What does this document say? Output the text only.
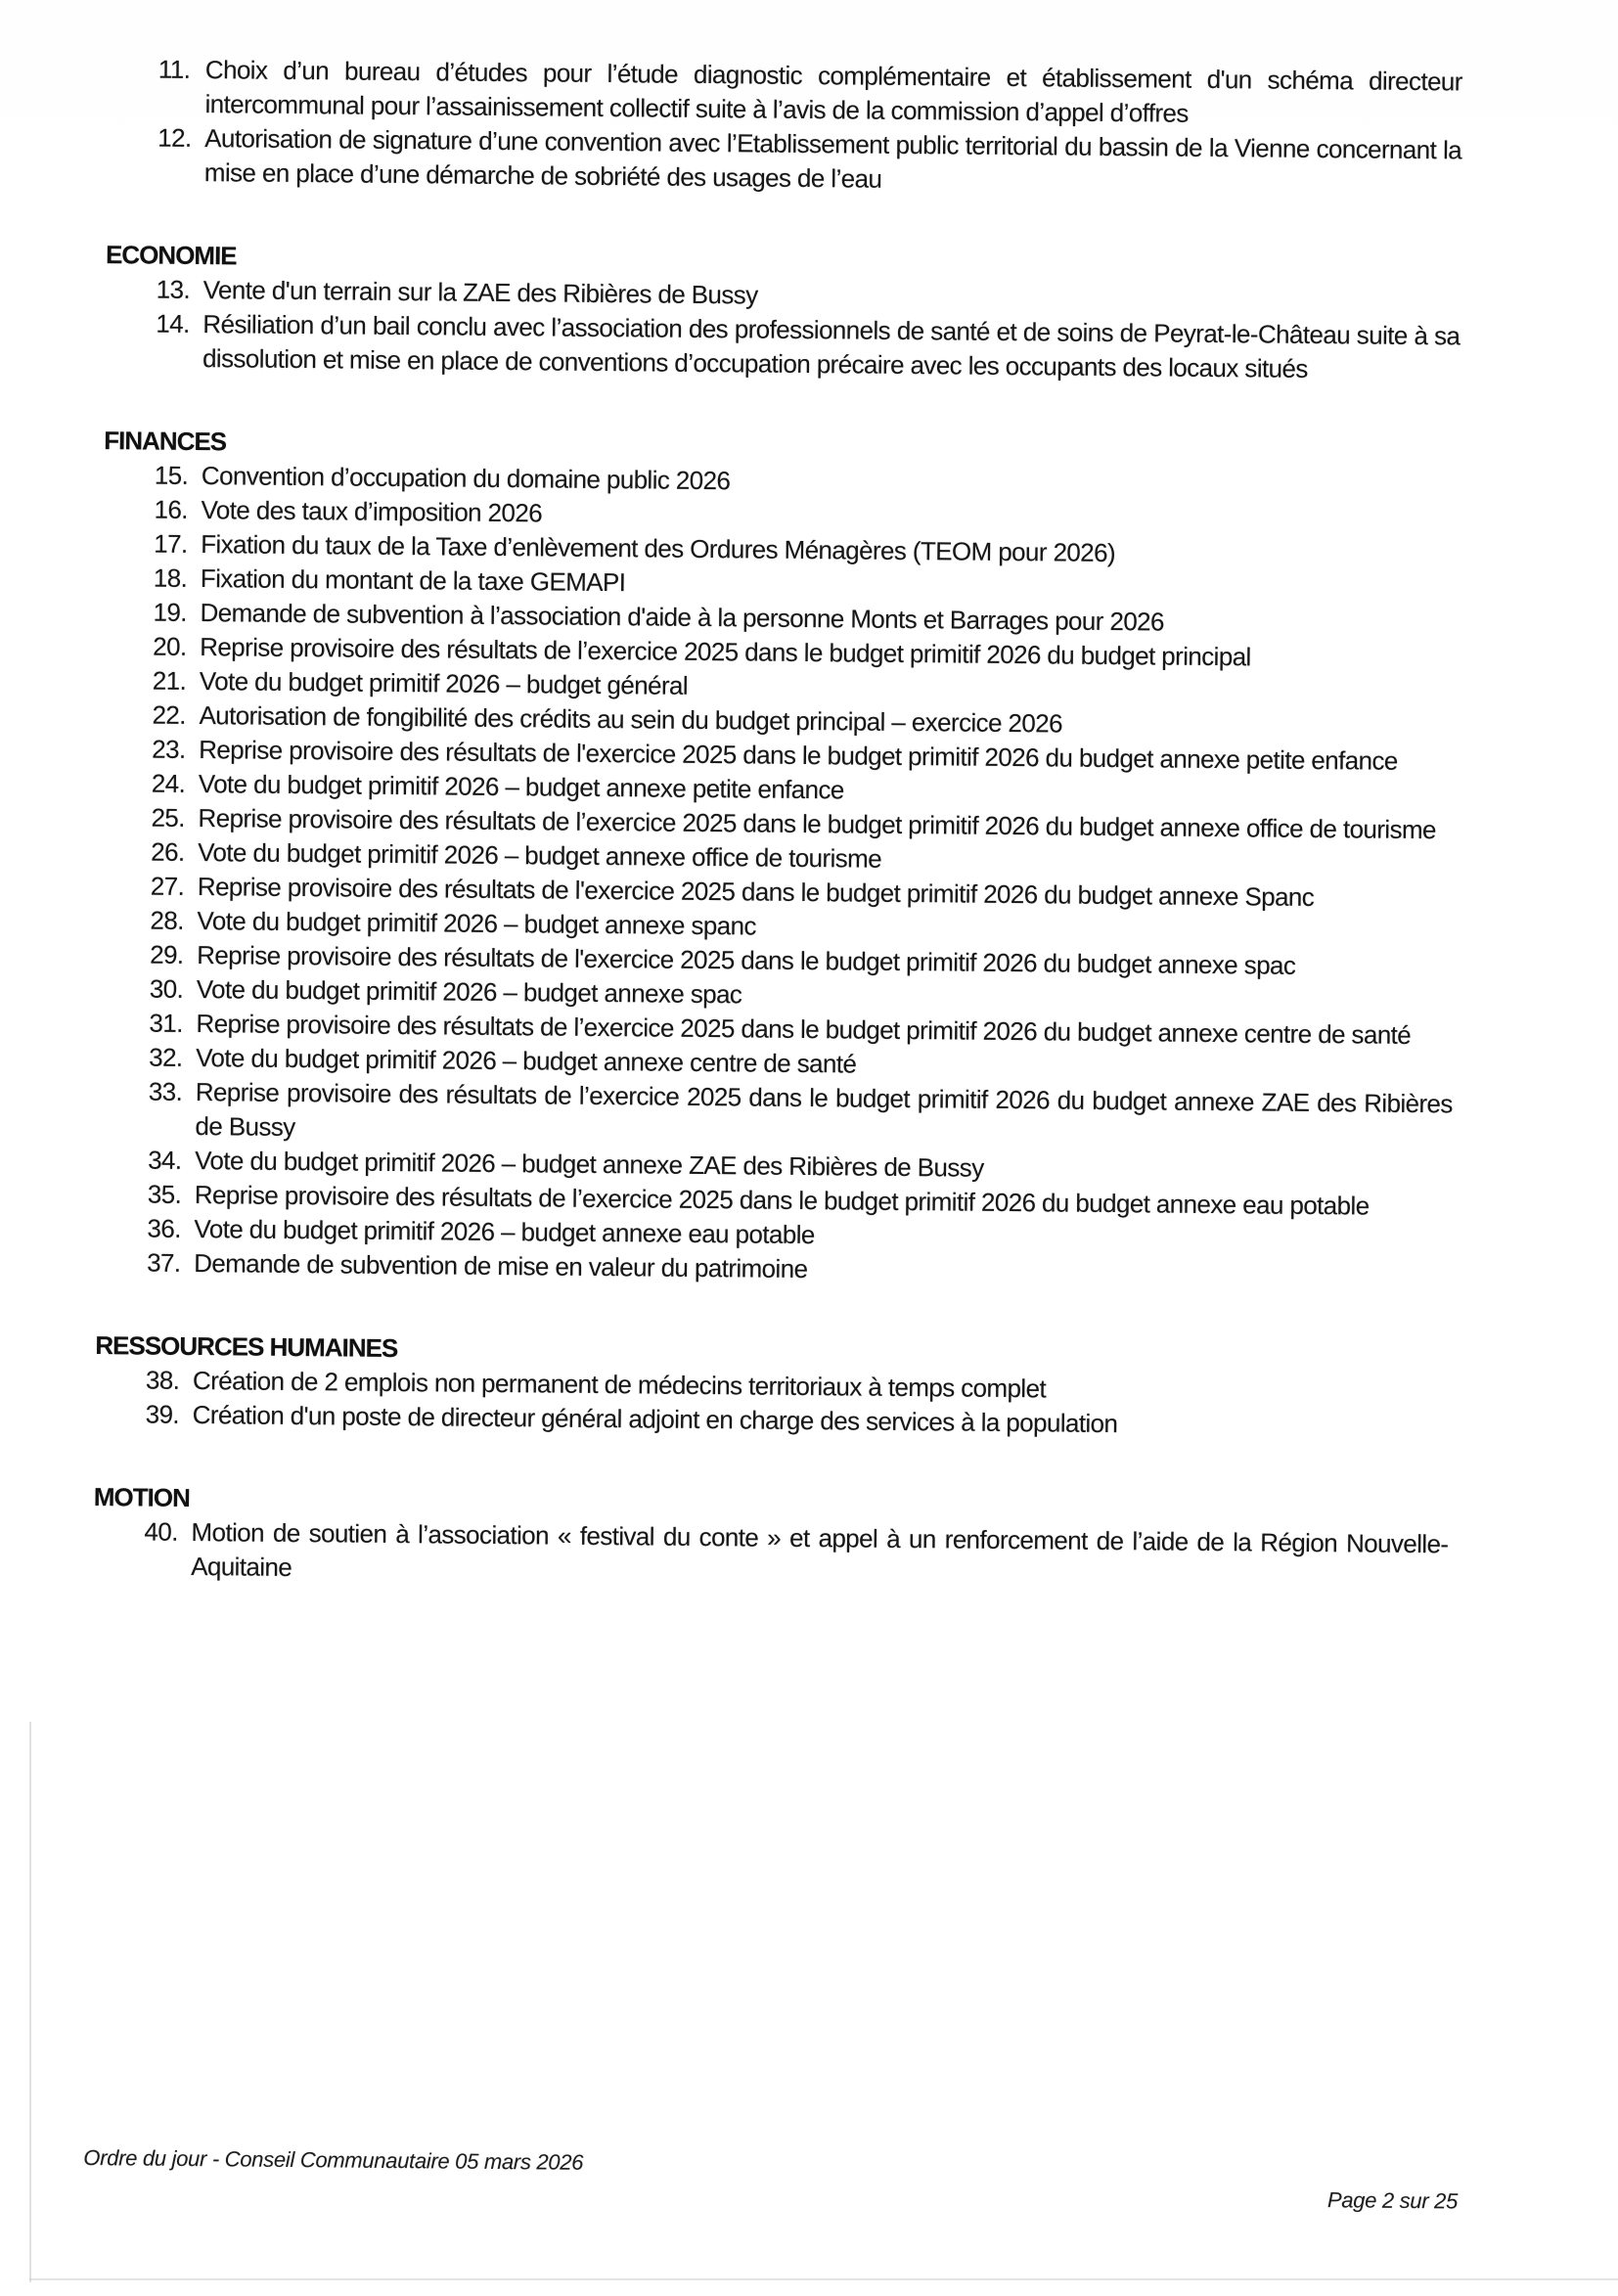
11. Choix d’un bureau d’études pour l’étude diagnostic complémentaire et établissement d'un schéma directeur intercommunal pour l’assainissement collectif suite à l’avis de la commission d’appel d’offres
12. Autorisation de signature d’une convention avec l’Etablissement public territorial du bassin de la Vienne concernant la mise en place d’une démarche de sobriété des usages de l’eau
ECONOMIE
13. Vente d'un terrain sur la ZAE des Ribières de Bussy
14. Résiliation d’un bail conclu avec l’association des professionnels de santé et de soins de Peyrat-le-Château suite à sa dissolution et mise en place de conventions d’occupation précaire avec les occupants des locaux situés
FINANCES
15. Convention d’occupation du domaine public 2026
16. Vote des taux d’imposition 2026
17. Fixation du taux de la Taxe d’enlèvement des Ordures Ménagères (TEOM pour 2026)
18. Fixation du montant de la taxe GEMAPI
19. Demande de subvention à l’association d'aide à la personne Monts et Barrages pour 2026
20. Reprise provisoire des résultats de l’exercice 2025 dans le budget primitif 2026 du budget principal
21. Vote du budget primitif 2026 – budget général
22. Autorisation de fongibilité des crédits au sein du budget principal – exercice 2026
23. Reprise provisoire des résultats de l'exercice 2025 dans le budget primitif 2026 du budget annexe petite enfance
24. Vote du budget primitif 2026 – budget annexe petite enfance
25. Reprise provisoire des résultats de l’exercice 2025 dans le budget primitif 2026 du budget annexe office de tourisme
26. Vote du budget primitif 2026 – budget annexe office de tourisme
27. Reprise provisoire des résultats de l'exercice 2025 dans le budget primitif 2026 du budget annexe Spanc
28. Vote du budget primitif 2026 – budget annexe spanc
29. Reprise provisoire des résultats de l'exercice 2025 dans le budget primitif 2026 du budget annexe spac
30. Vote du budget primitif 2026 – budget annexe spac
31. Reprise provisoire des résultats de l’exercice 2025 dans le budget primitif 2026 du budget annexe centre de santé
32. Vote du budget primitif 2026 – budget annexe centre de santé
33. Reprise provisoire des résultats de l’exercice 2025 dans le budget primitif 2026 du budget annexe ZAE des Ribières de Bussy
34. Vote du budget primitif 2026 – budget annexe ZAE des Ribières de Bussy
35. Reprise provisoire des résultats de l’exercice 2025 dans le budget primitif 2026 du budget annexe eau potable
36. Vote du budget primitif 2026 – budget annexe eau potable
37. Demande de subvention de mise en valeur du patrimoine
RESSOURCES HUMAINES
38. Création de 2 emplois non permanent de médecins territoriaux à temps complet
39. Création d'un poste de directeur général adjoint en charge des services à la population
MOTION
40. Motion de soutien à l’association « festival du conte » et appel à un renforcement de l’aide de la Région Nouvelle-Aquitaine
Ordre du jour - Conseil Communautaire 05 mars 2026
Page 2 sur 25
